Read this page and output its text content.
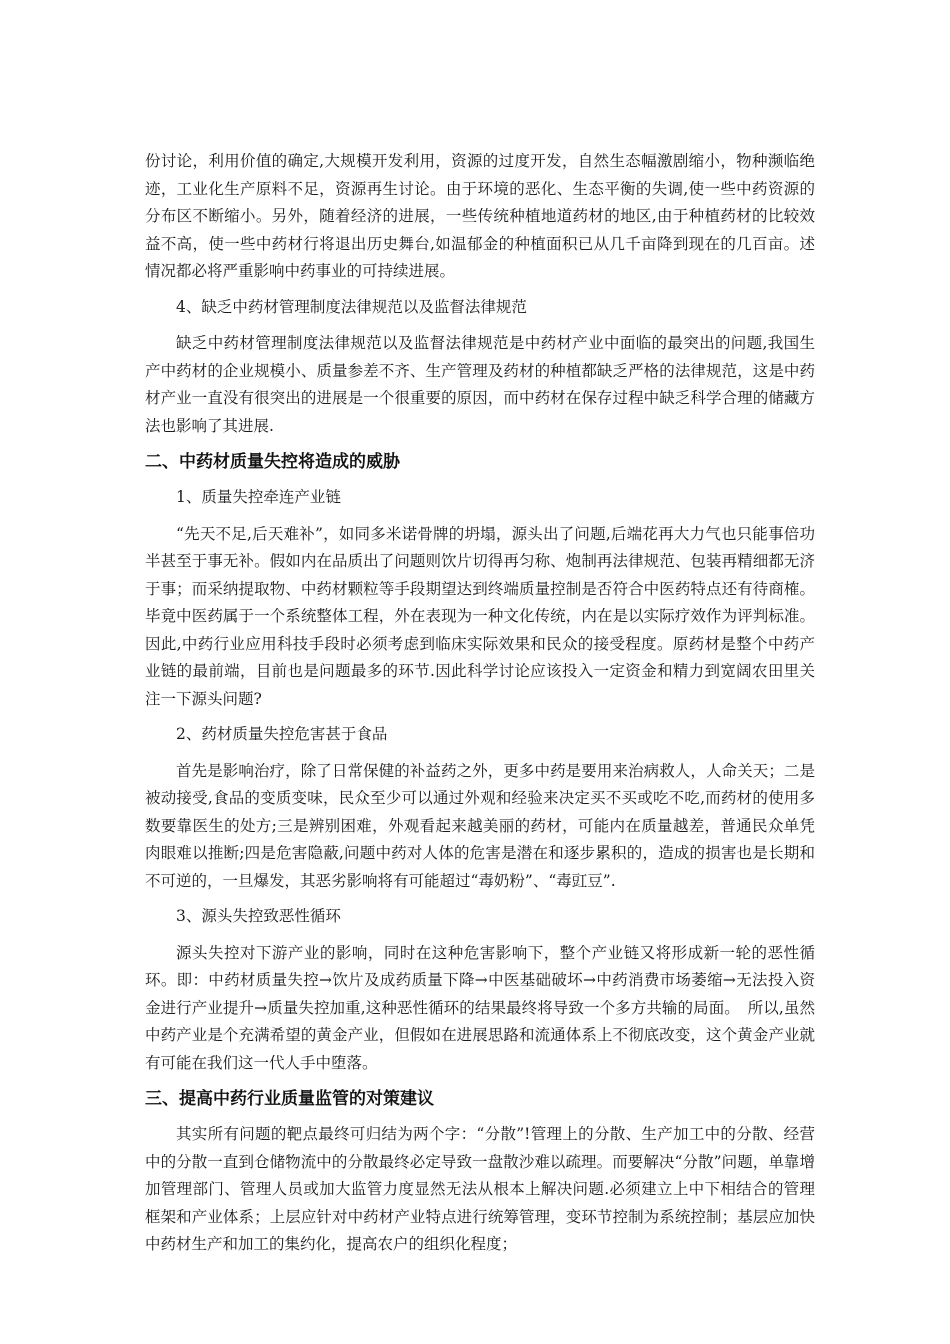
份讨论，利用价值的确定,大规模开发利用，资源的过度开发，自然生态幅激剧缩小，物种濒临绝迹，工业化生产原料不足，资源再生讨论。由于环境的恶化、生态平衡的失调,使一些中药资源的分布区不断缩小。另外，随着经济的进展，一些传统种植地道药材的地区,由于种植药材的比较效益不高，使一些中药材行将退出历史舞台,如温郁金的种植面积已从几千亩降到现在的几百亩。述情况都必将严重影响中药事业的可持续进展。

4、缺乏中药材管理制度法律规范以及监督法律规范

缺乏中药材管理制度法律规范以及监督法律规范是中药材产业中面临的最突出的问题,我国生产中药材的企业规模小、质量参差不齐、生产管理及药材的种植都缺乏严格的法律规范，这是中药材产业一直没有很突出的进展是一个很重要的原因，而中药材在保存过程中缺乏科学合理的储藏方法也影响了其进展.

二、中药材质量失控将造成的威胁

1、质量失控牵连产业链

“先天不足,后天难补”，如同多米诺骨牌的坍塌，源头出了问题,后端花再大力气也只能事倍功半甚至于事无补。假如内在品质出了问题则饮片切得再匀称、炮制再法律规范、包装再精细都无济于事；而采纳提取物、中药材颗粒等手段期望达到终端质量控制是否符合中医药特点还有待商榷。毕竟中医药属于一个系统整体工程，外在表现为一种文化传统，内在是以实际疗效作为评判标准。因此,中药行业应用科技手段时必须考虑到临床实际效果和民众的接受程度。原药材是整个中药产业链的最前端，目前也是问题最多的环节.因此科学讨论应该投入一定资金和精力到宽阔农田里关注一下源头问题?

2、药材质量失控危害甚于食品

首先是影响治疗，除了日常保健的补益药之外，更多中药是要用来治病救人，人命关天；二是被动接受,食品的变质变味，民众至少可以通过外观和经验来决定买不买或吃不吃,而药材的使用多数要靠医生的处方;三是辨别困难，外观看起来越美丽的药材，可能内在质量越差，普通民众单凭肉眼难以推断;四是危害隐蔽,问题中药对人体的危害是潜在和逐步累积的，造成的损害也是长期和不可逆的，一旦爆发，其恶劣影响将有可能超过“毒奶粉”、“毒豇豆”.

3、源头失控致恶性循环

源头失控对下游产业的影响，同时在这种危害影响下，整个产业链又将形成新一轮的恶性循环。即：中药材质量失控→饮片及成药质量下降→中医基础破坏→中药消费市场萎缩→无法投入资金进行产业提升→质量失控加重,这种恶性循环的结果最终将导致一个多方共输的局面。　所以,虽然中药产业是个充满希望的黄金产业，但假如在进展思路和流通体系上不彻底改变，这个黄金产业就有可能在我们这一代人手中堕落。

三、提高中药行业质量监管的对策建议

其实所有问题的靶点最终可归结为两个字：“分散”!管理上的分散、生产加工中的分散、经营中的分散一直到仓储物流中的分散最终必定导致一盘散沙难以疏理。而要解决“分散”问题，单靠增加管理部门、管理人员或加大监管力度显然无法从根本上解决问题.必须建立上中下相结合的管理框架和产业体系；上层应针对中药材产业特点进行统筹管理，变环节控制为系统控制；基层应加快中药材生产和加工的集约化，提高农户的组织化程度；
